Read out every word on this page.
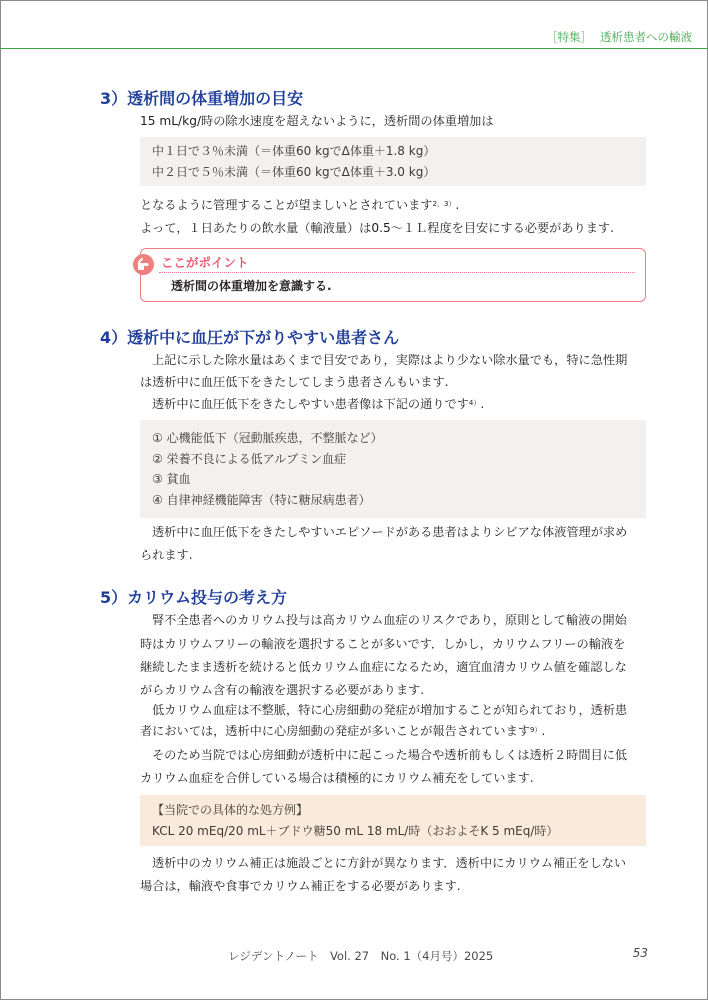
［特集］ 透析患者への輸液
3）透析間の体重増加の目安

15 mL/kg/時の除水速度を超えないように，透析間の体重増加は

中１日で３％未満（＝体重60 kgでΔ体重＋1.8 kg）
中２日で５％未満（＝体重60 kgでΔ体重＋3.0 kg）

となるように管理することが望ましいとされています$^{2,3)}$.

よって，１日あたりの飲水量（輸液量）は0.5～１Ｌ程度を目安にする必要があります.

ここがポイント
透析間の体重増加を意識する.
4）透析中に血圧が下がりやすい患者さん

上記に示した除水量はあくまで目安であり，実際はより少ない除水量でも，特に急性期

は透析中に血圧低下をきたしてしまう患者さんもいます.

透析中に血圧低下をきたしやすい患者像は下記の通りです$^{4)}$.

① 心機能低下（冠動脈疾患，不整脈など）
② 栄養不良による低アルブミン血症
③ 貧血
④ 自律神経機能障害（特に糖尿病患者）

透析中に血圧低下をきたしやすいエピソードがある患者はよりシビアな体液管理が求め

られます.

5）カリウム投与の考え方

腎不全患者へのカリウム投与は高カリウム血症のリスクであり，原則として輸液の開始

時はカリウムフリーの輸液を選択することが多いです．しかし，カリウムフリーの輸液を

継続したまま透析を続けると低カリウム血症になるため，適宜血清カリウム値を確認しな

がらカリウム含有の輸液を選択する必要があります.

低カリウム血症は不整脈，特に心房細動の発症が増加することが知られており，透析患

者においては，透析中に心房細動の発症が多いことが報告されています$^{9)}$.

そのため当院では心房細動が透析中に起こった場合や透析前もしくは透析２時間目に低

カリウム血症を合併している場合は積極的にカリウム補充をしています.

【当院での具体的な処方例】
KCL 20 mEq/20 mL＋ブドウ糖50 mL 18 mL/時（おおよそK 5 mEq/時）

透析中のカリウム補正は施設ごとに方針が異なります．透析中にカリウム補正をしない

場合は，輸液や食事でカリウム補正をする必要があります.

レジデントノート　Vol. 27　No. 1（4月号）2025	53
